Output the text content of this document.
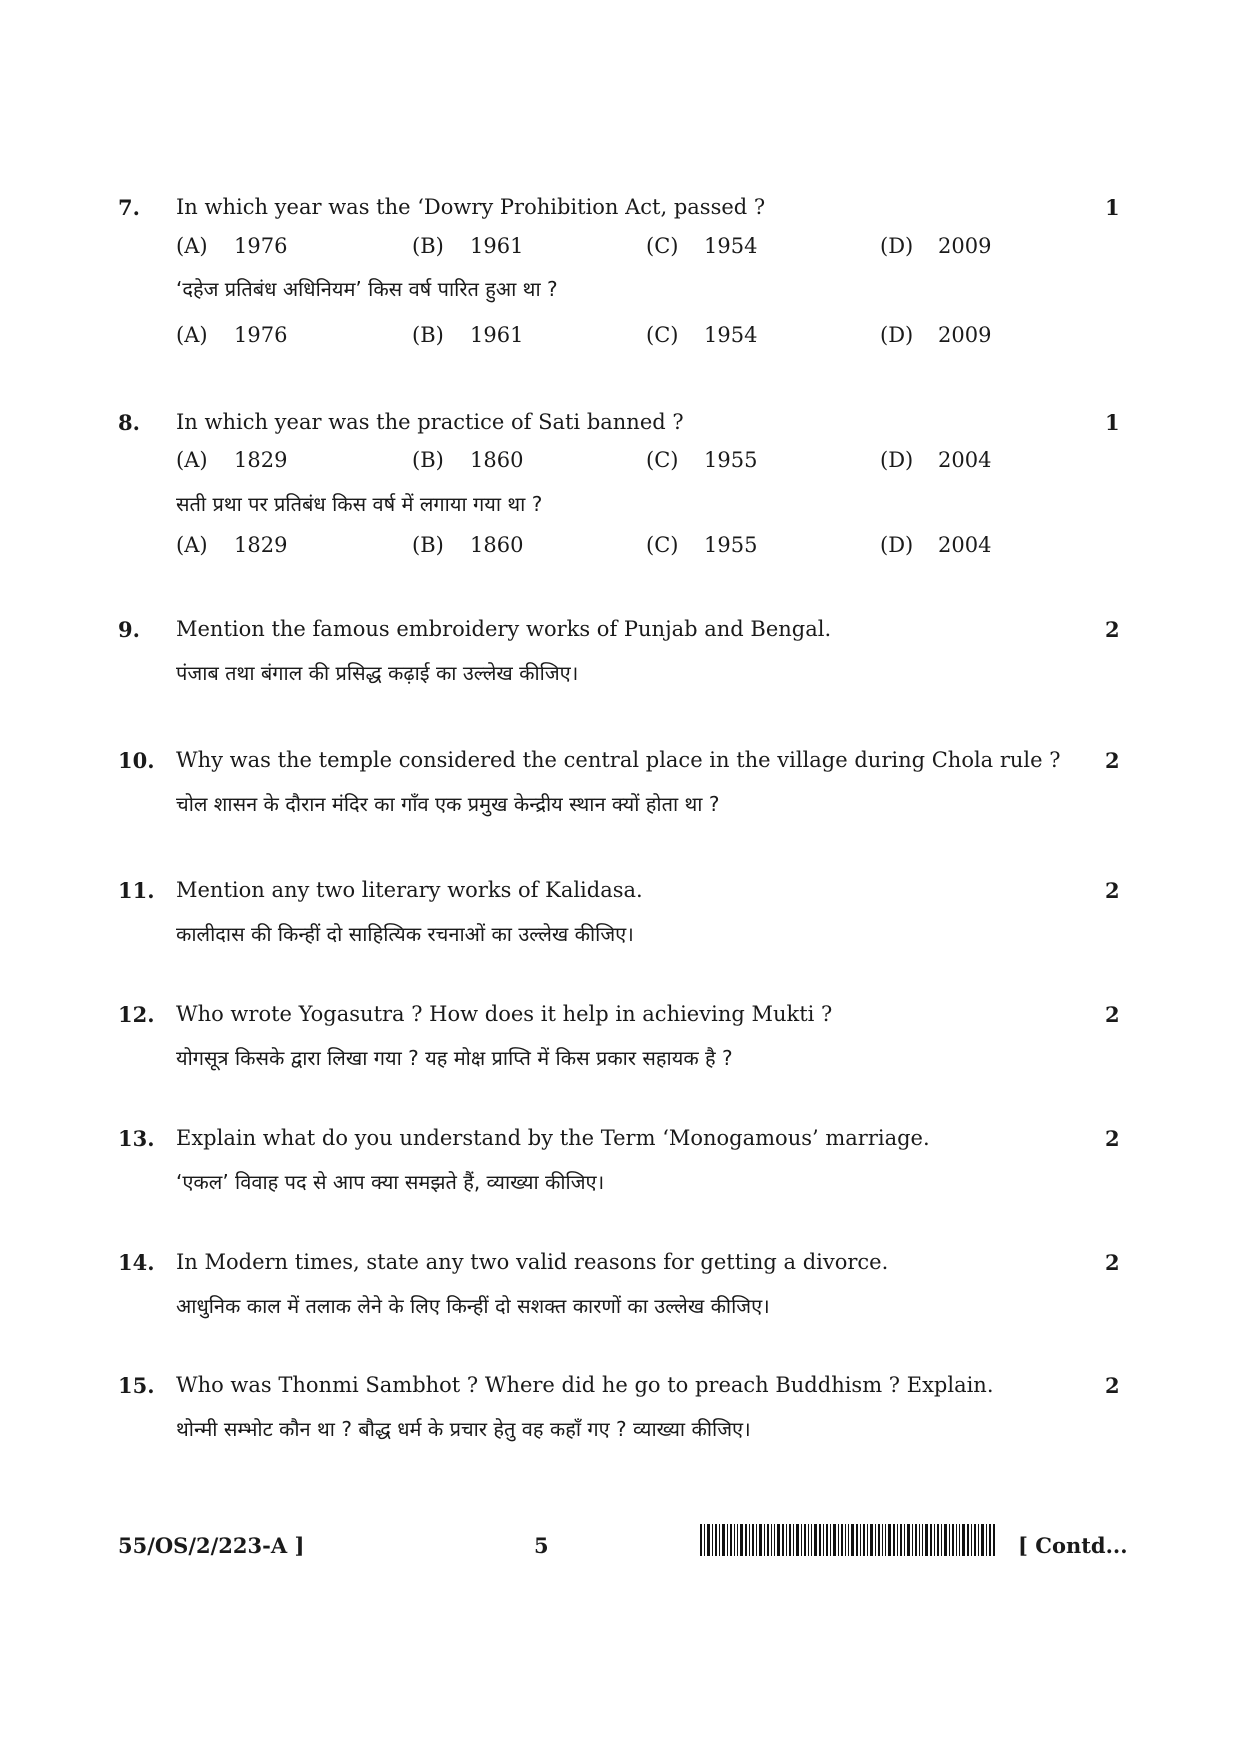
7. In which year was the ‘Dowry Prohibition Act, passed ?	1
(A) 1976	(B) 1961	(C) 1954	(D) 2009
‘दहेज प्रतिबंध अधिनियम’ किस वर्ष पारित हुआ था ?
(A) 1976	(B) 1961	(C) 1954	(D) 2009
8. In which year was the practice of Sati banned ?	1
(A) 1829	(B) 1860	(C) 1955	(D) 2004
सती प्रथा पर प्रतिबंध किस वर्ष में लगाया गया था ?
(A) 1829	(B) 1860	(C) 1955	(D) 2004
9. Mention the famous embroidery works of Punjab and Bengal.	2
पंजाब तथा बंगाल की प्रसिद्ध कढ़ाई का उल्लेख कीजिए।
10. Why was the temple considered the central place in the village during Chola rule ? 2
चोल शासन के दौरान मंदिर का गाँव एक प्रमुख केन्द्रीय स्थान क्यों होता था ?
11. Mention any two literary works of Kalidasa.	2
कालीदास की किन्हीं दो साहित्यिक रचनाओं का उल्लेख कीजिए।
12. Who wrote Yogasutra ? How does it help in achieving Mukti ?	2
योगसूत्र किसके द्वारा लिखा गया ? यह मोक्ष प्राप्ति में किस प्रकार सहायक है ?
13. Explain what do you understand by the Term ‘Monogamous’ marriage.	2
‘एकल’ विवाह पद से आप क्या समझते हैं, व्याख्या कीजिए।
14. In Modern times, state any two valid reasons for getting a divorce.	2
आधुनिक काल में तलाक लेने के लिए किन्हीं दो सशक्त कारणों का उल्लेख कीजिए।
15. Who was Thonmi Sambhot ? Where did he go to preach Buddhism ? Explain.	2
थोन्मी सम्भोट कौन था ? बौद्ध धर्म के प्रचार हेतु वह कहाँ गए ? व्याख्या कीजिए।
55/OS/2/223-A ]	5	[ Contd...
